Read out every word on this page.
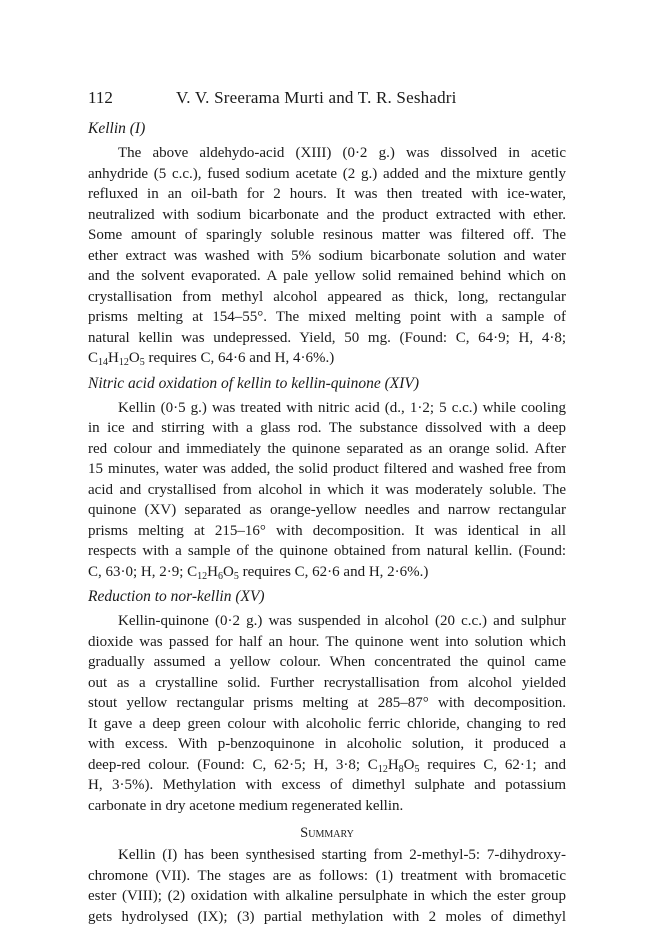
112	V. V. Sreerama Murti and T. R. Seshadri
Kellin (I)
The above aldehydo-acid (XIII) (0·2 g.) was dissolved in acetic
anhydride (5 c.c.), fused sodium acetate (2 g.) added and the mixture gently
refluxed in an oil-bath for 2 hours. It was then treated with ice-water,
neutralized with sodium bicarbonate and the product extracted with ether.
Some amount of sparingly soluble resinous matter was filtered off. The
ether extract was washed with 5% sodium bicarbonate solution and water
and the solvent evaporated. A pale yellow solid remained behind which on
crystallisation from methyl alcohol appeared as thick, long, rectangular
prisms melting at 154–55°. The mixed melting point with a sample of
natural kellin was undepressed. Yield, 50 mg. (Found: C, 64·9; H, 4·8;
$C_{14}H_{12}O_5$ requires C, 64·6 and H, 4·6%.)
Nitric acid oxidation of kellin to kellin-quinone (XIV)
Kellin (0·5 g.) was treated with nitric acid (d., 1·2; 5 c.c.) while cooling
in ice and stirring with a glass rod. The substance dissolved with a deep
red colour and immediately the quinone separated as an orange solid. After
15 minutes, water was added, the solid product filtered and washed free from
acid and crystallised from alcohol in which it was moderately soluble. The
quinone (XV) separated as orange-yellow needles and narrow rectangular
prisms melting at 215–16° with decomposition. It was identical in all
respects with a sample of the quinone obtained from natural kellin. (Found:
C, 63·0; H, 2·9; $C_{12}H_6O_5$ requires C, 62·6 and H, 2·6%.)
Reduction to nor-kellin (XV)
Kellin-quinone (0·2 g.) was suspended in alcohol (20 c.c.) and sulphur
dioxide was passed for half an hour. The quinone went into solution which
gradually assumed a yellow colour. When concentrated the quinol came
out as a crystalline solid. Further recrystallisation from alcohol yielded
stout yellow rectangular prisms melting at 285–87° with decomposition.
It gave a deep green colour with alcoholic ferric chloride, changing to red
with excess. With p-benzoquinone in alcoholic solution, it produced a
deep-red colour. (Found: C, 62·5; H, 3·8; $C_{12}H_8O_5$ requires C, 62·1; and
H, 3·5%). Methylation with excess of dimethyl sulphate and potassium
carbonate in dry acetone medium regenerated kellin.
Summary
Kellin (I) has been synthesised starting from 2-methyl-5: 7-dihydroxy-
chromone (VII). The stages are as follows: (1) treatment with bromacetic
ester (VIII); (2) oxidation with alkaline persulphate in which the ester group
gets hydrolysed (IX); (3) partial methylation with 2 moles of dimethyl
